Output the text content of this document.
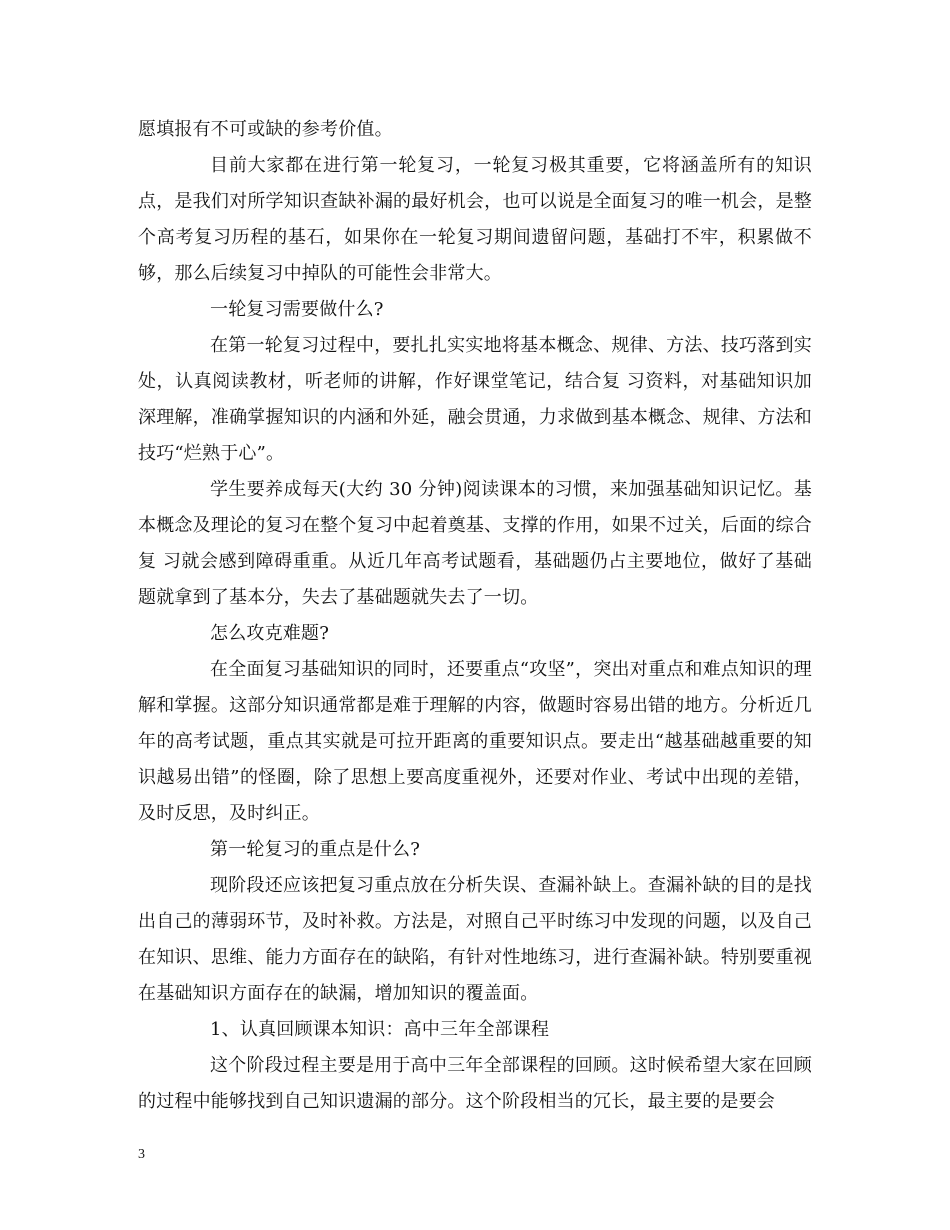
愿填报有不可或缺的参考价值。

目前大家都在进行第一轮复习，一轮复习极其重要，它将涵盖所有的知识点，是我们对所学知识查缺补漏的最好机会，也可以说是全面复习的唯一机会，是整个高考复习历程的基石，如果你在一轮复习期间遗留问题，基础打不牢，积累做不够，那么后续复习中掉队的可能性会非常大。

一轮复习需要做什么?

在第一轮复习过程中，要扎扎实实地将基本概念、规律、方法、技巧落到实处，认真阅读教材，听老师的讲解，作好课堂笔记，结合复 习资料，对基础知识加深理解，准确掌握知识的内涵和外延，融会贯通，力求做到基本概念、规律、方法和技巧“烂熟于心”。

学生要养成每天(大约 30 分钟)阅读课本的习惯，来加强基础知识记忆。基本概念及理论的复习在整个复习中起着奠基、支撑的作用，如果不过关，后面的综合复 习就会感到障碍重重。从近几年高考试题看，基础题仍占主要地位，做好了基础题就拿到了基本分，失去了基础题就失去了一切。

怎么攻克难题?

在全面复习基础知识的同时，还要重点“攻坚”，突出对重点和难点知识的理解和掌握。这部分知识通常都是难于理解的内容，做题时容易出错的地方。分析近几年的高考试题，重点其实就是可拉开距离的重要知识点。要走出“越基础越重要的知识越易出错”的怪圈，除了思想上要高度重视外，还要对作业、考试中出现的差错，及时反思，及时纠正。

第一轮复习的重点是什么?

现阶段还应该把复习重点放在分析失误、查漏补缺上。查漏补缺的目的是找出自己的薄弱环节，及时补救。方法是，对照自己平时练习中发现的问题，以及自己在知识、思维、能力方面存在的缺陷，有针对性地练习，进行查漏补缺。特别要重视在基础知识方面存在的缺漏，增加知识的覆盖面。

1、认真回顾课本知识：高中三年全部课程

这个阶段过程主要是用于高中三年全部课程的回顾。这时候希望大家在回顾的过程中能够找到自己知识遗漏的部分。这个阶段相当的冗长，最主要的是要会

3
